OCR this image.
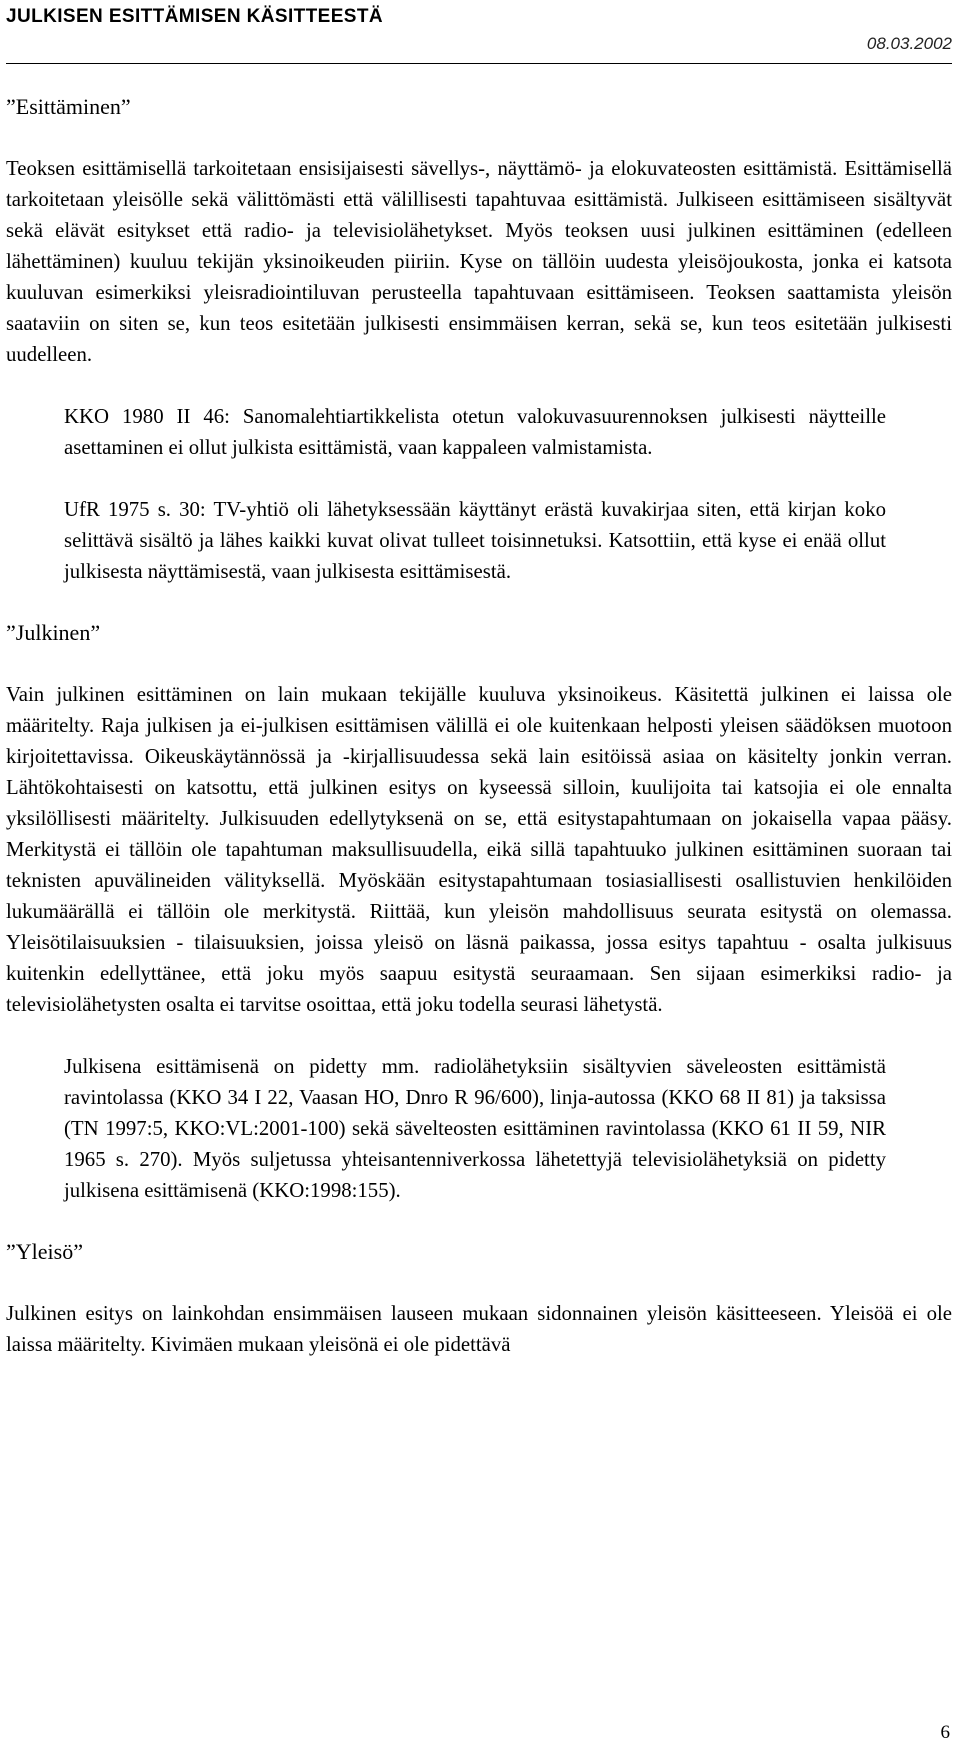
JULKISEN ESITTÄMISEN KÄSITTEESTÄ
08.03.2002
”Esittäminen”

Teoksen esittämisellä tarkoitetaan ensisijaisesti sävellys-, näyttämö- ja elokuvateosten esittämistä. Esittämisellä tarkoitetaan yleisölle sekä välittömästi että välillisesti tapahtuvaa esittämistä. Julkiseen esittämiseen sisältyvät sekä elävät esitykset että radio- ja televisiolähetykset. Myös teoksen uusi julkinen esittäminen (edelleen lähettäminen) kuuluu tekijän yksinoikeuden piiriin. Kyse on tällöin uudesta yleisöjoukosta, jonka ei katsota kuuluvan esimerkiksi yleisradiointiluvan perusteella tapahtuvaan esittämiseen. Teoksen saattamista yleisön saataviin on siten se, kun teos esitetään julkisesti ensimmäisen kerran, sekä se, kun teos esitetään julkisesti uudelleen.

KKO 1980 II 46: Sanomalehtiartikkelista otetun valokuvasuurennoksen julkisesti näytteille asettaminen ei ollut julkista esittämistä, vaan kappaleen valmistamista.

UfR 1975 s. 30: TV-yhtiö oli lähetyksessään käyttänyt erästä kuvakirjaa siten, että kirjan koko selittävä sisältö ja lähes kaikki kuvat olivat tulleet toisinnetuksi. Katsottiin, että kyse ei enää ollut julkisesta näyttämisestä, vaan julkisesta esittämisestä.

”Julkinen”

Vain julkinen esittäminen on lain mukaan tekijälle kuuluva yksinoikeus. Käsitettä julkinen ei laissa ole määritelty. Raja julkisen ja ei-julkisen esittämisen välillä ei ole kuitenkaan helposti yleisen säädöksen muotoon kirjoitettavissa. Oikeuskäytännössä ja -kirjallisuudessa sekä lain esitöissä asiaa on käsitelty jonkin verran. Lähtökohtaisesti on katsottu, että julkinen esitys on kyseessä silloin, kuulijoita tai katsojia ei ole ennalta yksilöllisesti määritelty. Julkisuuden edellytyksenä on se, että esitystapahtumaan on jokaisella vapaa pääsy. Merkitystä ei tällöin ole tapahtuman maksullisuudella, eikä sillä tapahtuuko julkinen esittäminen suoraan tai teknisten apuvälineiden välityksellä. Myöskään esitystapahtumaan tosiasiallisesti osallistuvien henkilöiden lukumäärällä ei tällöin ole merkitystä. Riittää, kun yleisön mahdollisuus seurata esitystä on olemassa. Yleisötilaisuuksien - tilaisuuksien, joissa yleisö on läsnä paikassa, jossa esitys tapahtuu - osalta julkisuus kuitenkin edellyttänee, että joku myös saapuu esitystä seuraamaan. Sen sijaan esimerkiksi radio- ja televisiolähetysten osalta ei tarvitse osoittaa, että joku todella seurasi lähetystä.

Julkisena esittämisenä on pidetty mm. radiolähetyksiin sisältyvien säveleosten esittämistä ravintolassa (KKO 34 I 22, Vaasan HO, Dnro R 96/600), linja-autossa (KKO 68 II 81) ja taksissa (TN 1997:5, KKO:VL:2001-100) sekä sävelteosten esittäminen ravintolassa (KKO 61 II 59, NIR 1965 s. 270). Myös suljetussa yhteisantenniverkossa lähetettyjä televisiolähetyksiä on pidetty julkisena esittämisenä (KKO:1998:155).

”Yleisö”

Julkinen esitys on lainkohdan ensimmäisen lauseen mukaan sidonnainen yleisön käsitteeseen. Yleisöä ei ole laissa määritelty. Kivimäen mukaan yleisönä ei ole pidettävä

6
